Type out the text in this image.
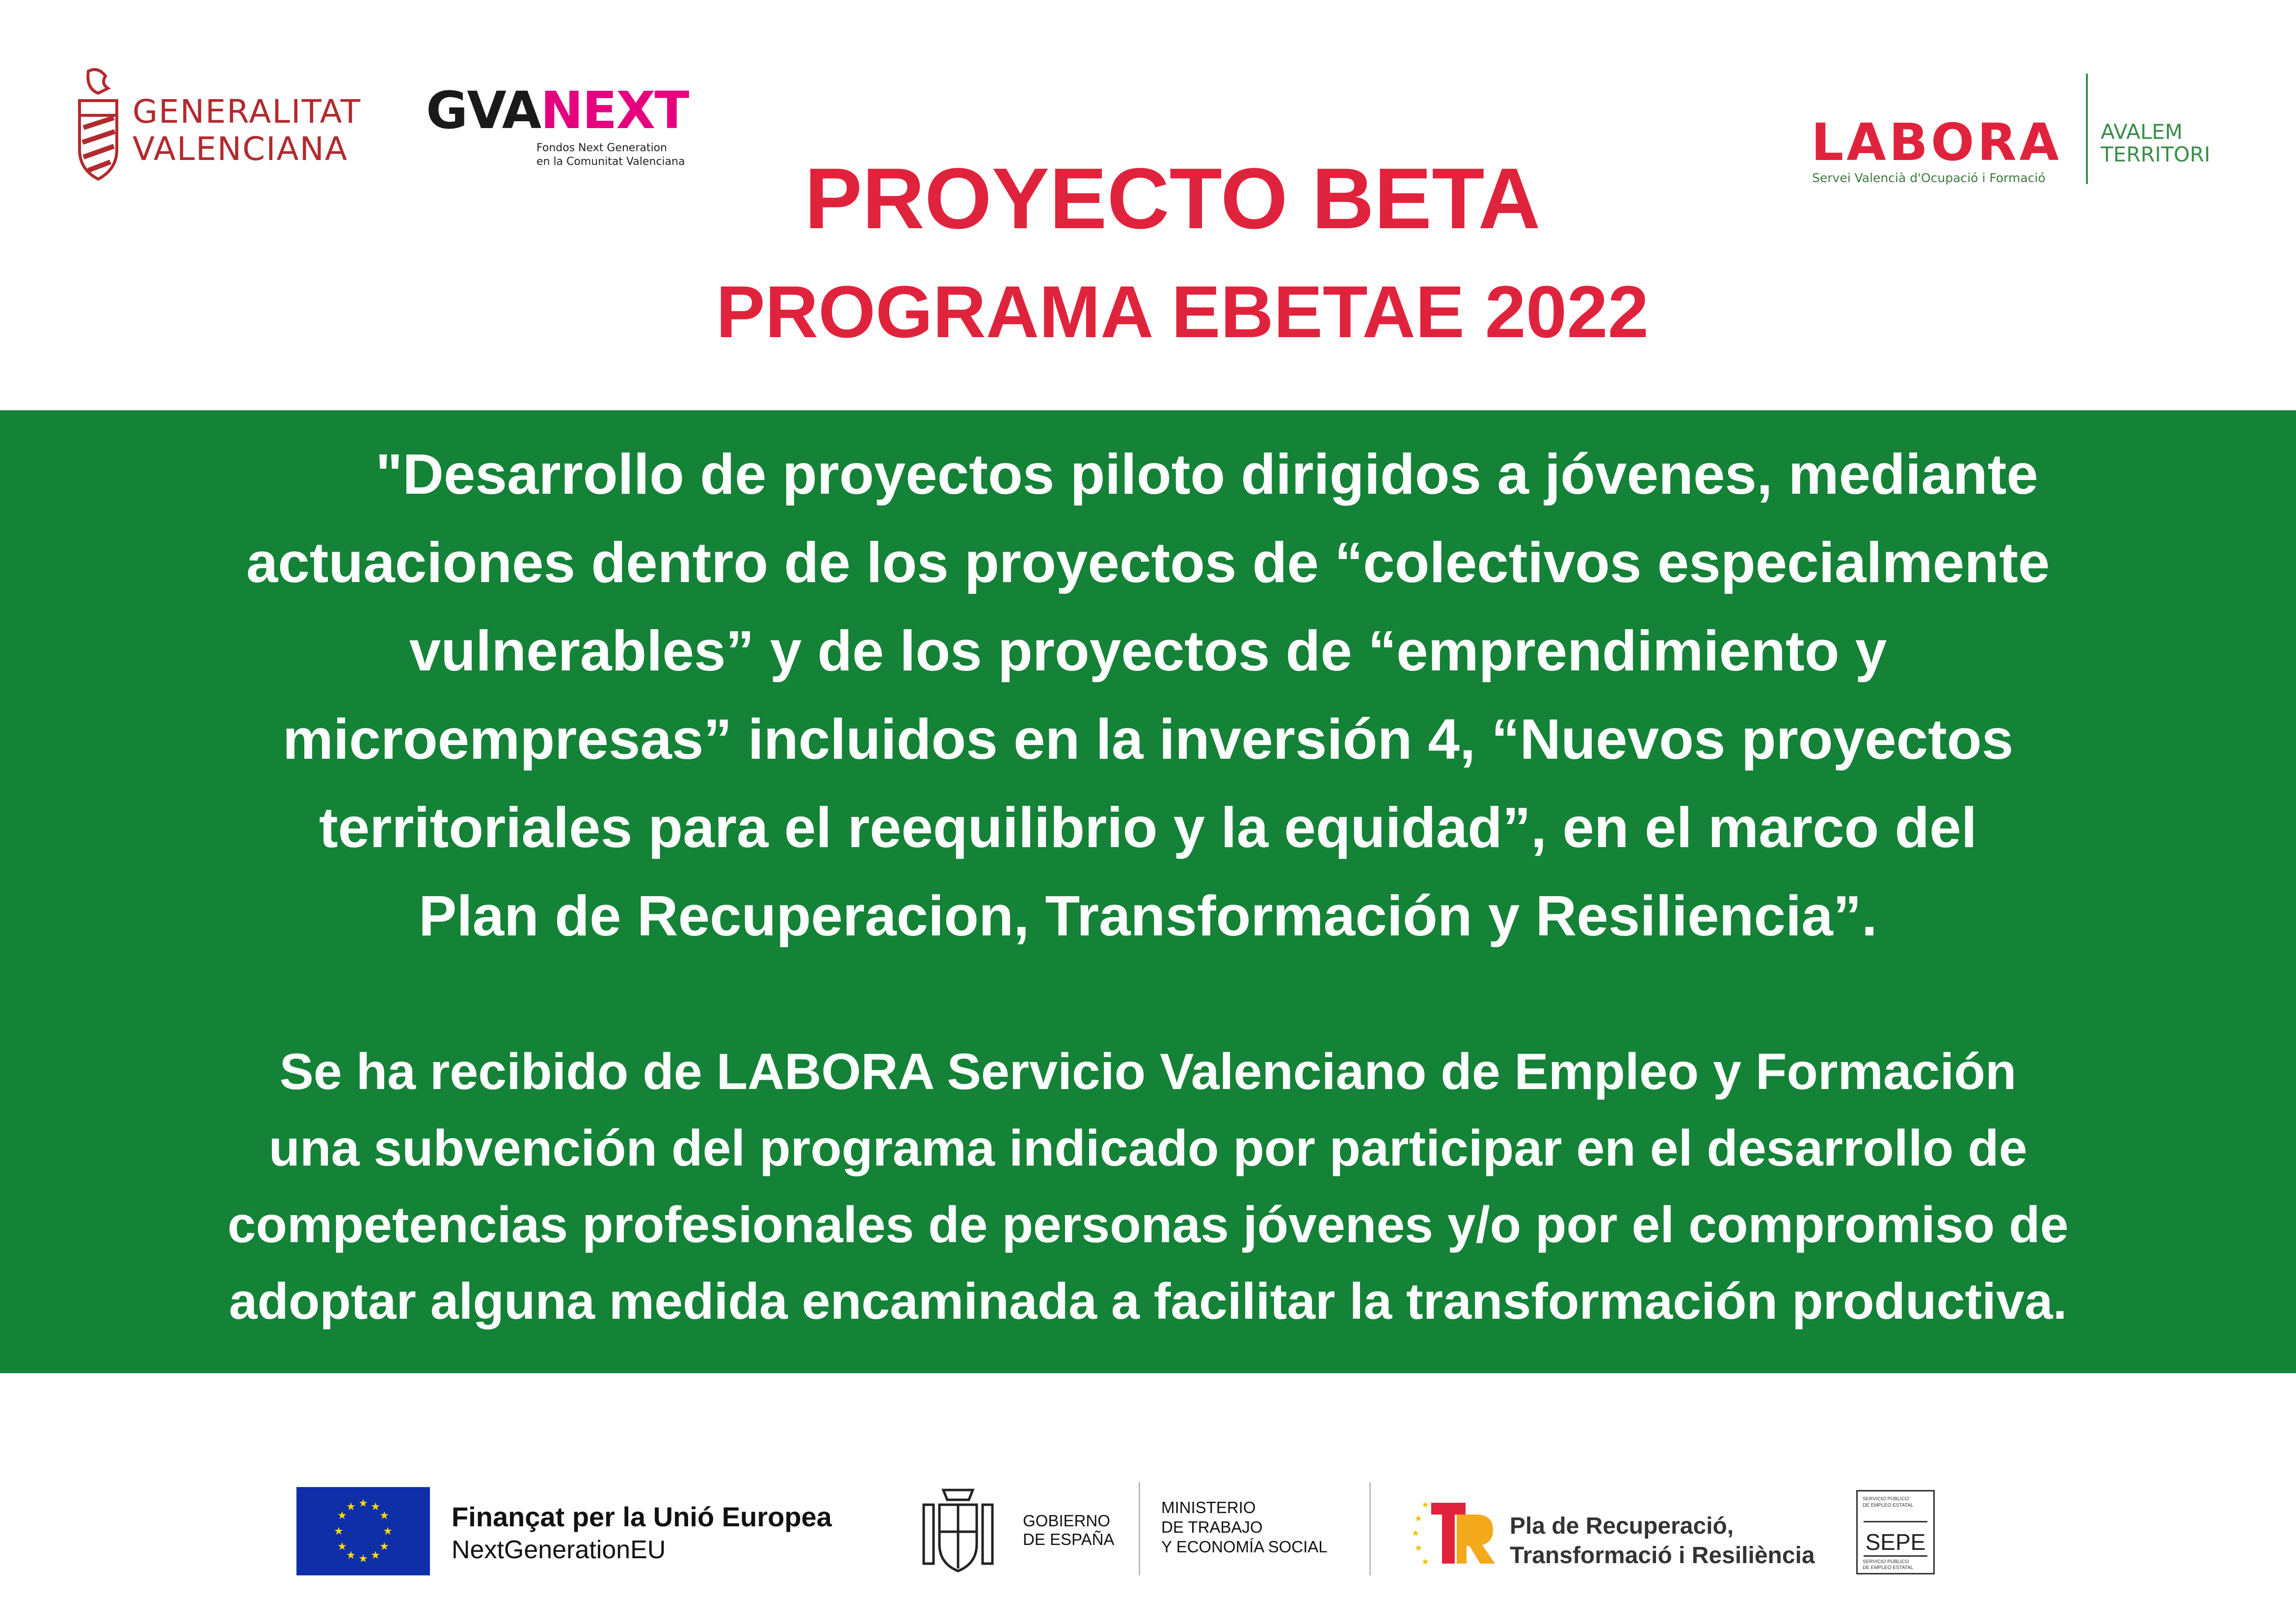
GENERALITAT
VALENCIANA
GVANEXT
Fondos Next Generation
en la Comunitat Valenciana	LABORA
Servei Valencià d'Ocupació i Formació
AVALEM
TERRITORI
PROYECTO BETA
PROGRAMA EBETAE 2022
"Desarrollo de proyectos piloto dirigidos a jóvenes, mediante
actuaciones dentro de los proyectos de “colectivos especialmente
vulnerables” y de los proyectos de “emprendimiento y
microempresas” incluidos en la inversión 4, “Nuevos proyectos
territoriales para el reequilibrio y la equidad”, en el marco del
Plan de Recuperacion, Transformación y Resiliencia”.
Se ha recibido de LABORA Servicio Valenciano de Empleo y Formación
una subvención del programa indicado por participar en el desarrollo de
competencias profesionales de personas jóvenes y/o por el compromiso de
adoptar alguna medida encaminada a facilitar la transformación productiva.
★ ★
★
★
★
★
★
★
★
★
★
★	Finançat per la Unió Europea
NextGenerationEU
GOBIERNO
DE ESPAÑA
MINISTERIO
DE TRABAJO
Y ECONOMÍA SOCIAL
★
★
★
★
★
Pla de Recuperació,
Transformació i Resiliència
SERVICIO PÚBLICO
DE EMPLEO ESTATAL
SEPE
SERVICIO PÚBLICO
DE EMPLEO ESTATAL
